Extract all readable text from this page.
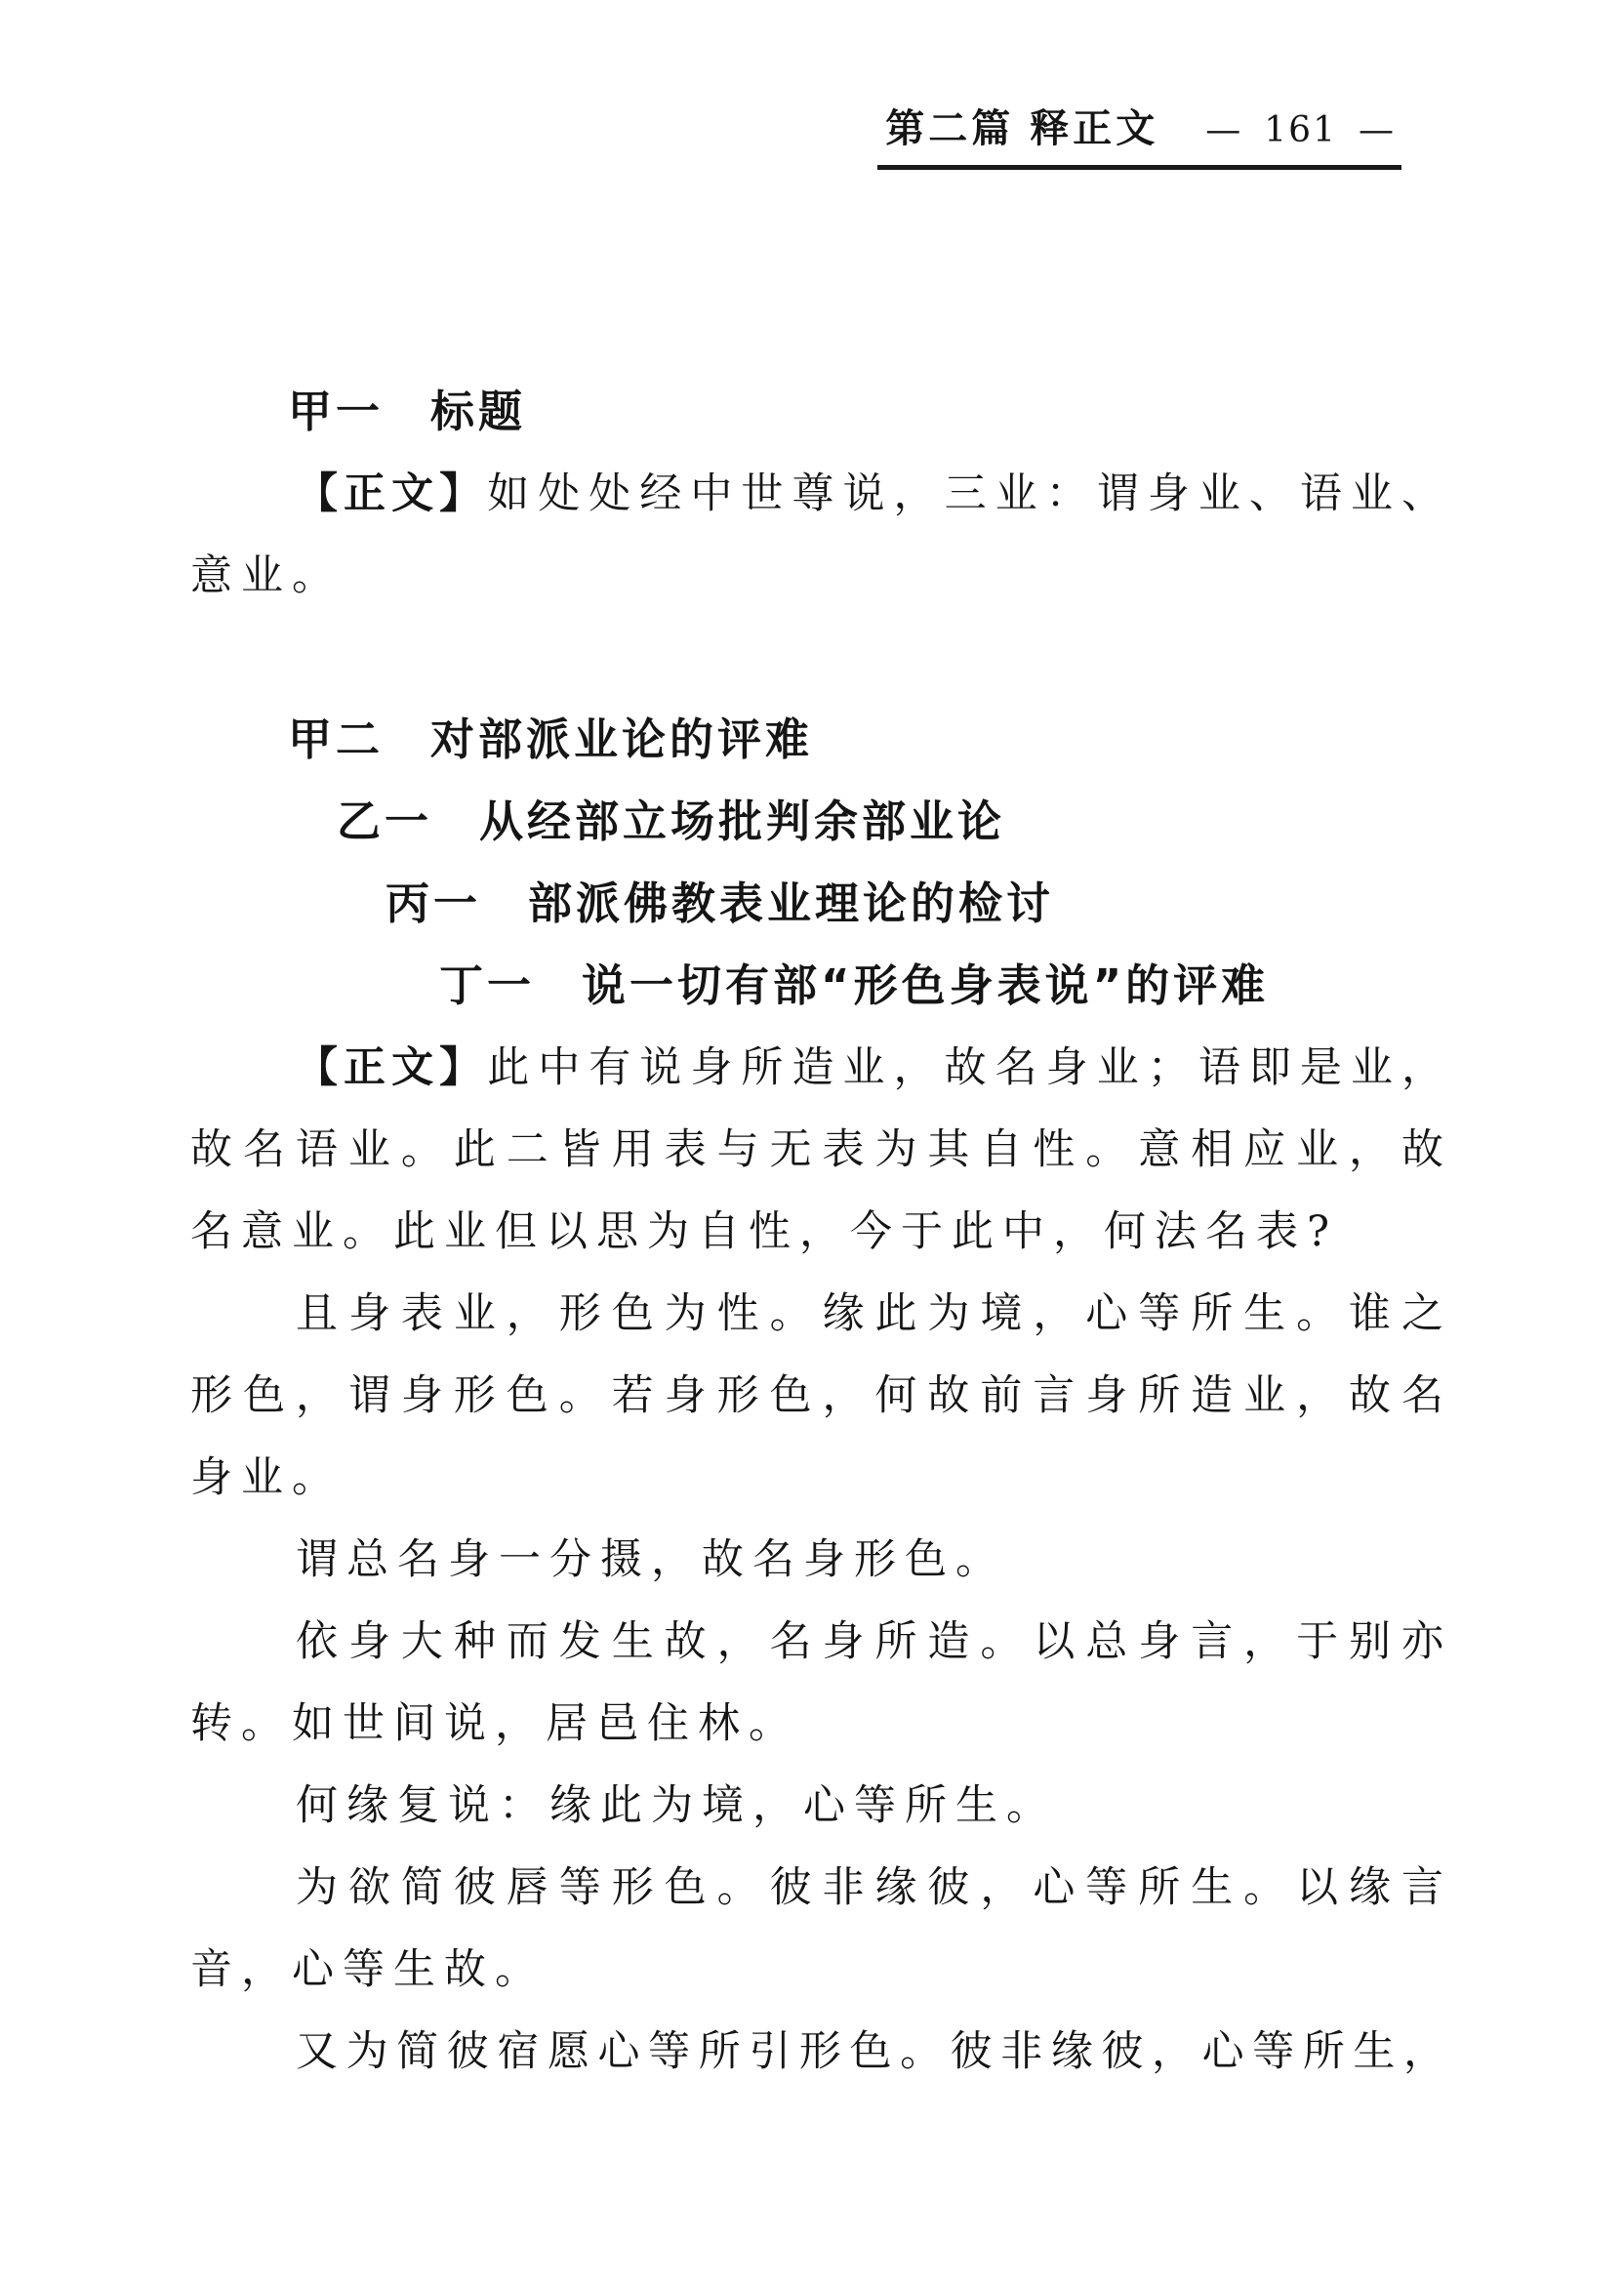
第二篇 释正文 — 161 —
甲一 标题
【正文】如处处经中世尊说，三业：谓身业、语业、
意业。
甲二 对部派业论的评难
乙一 从经部立场批判余部业论
丙一 部派佛教表业理论的检讨
丁一 说一切有部“形色身表说”的评难
【正文】此中有说身所造业，故名身业；语即是业，
故名语业。此二皆用表与无表为其自性。意相应业，故
名意业。此业但以思为自性，今于此中，何法名表?
且身表业，形色为性。缘此为境，心等所生。谁之
形色，谓身形色。若身形色，何故前言身所造业，故名
身业。
谓总名身一分摄，故名身形色。
依身大种而发生故，名身所造。以总身言，于别亦
转。如世间说，居邑住林。
何缘复说：缘此为境，心等所生。
为欲简彼唇等形色。彼非缘彼，心等所生。以缘言
音，心等生故。
又为简彼宿愿心等所引形色。彼非缘彼，心等所生，
